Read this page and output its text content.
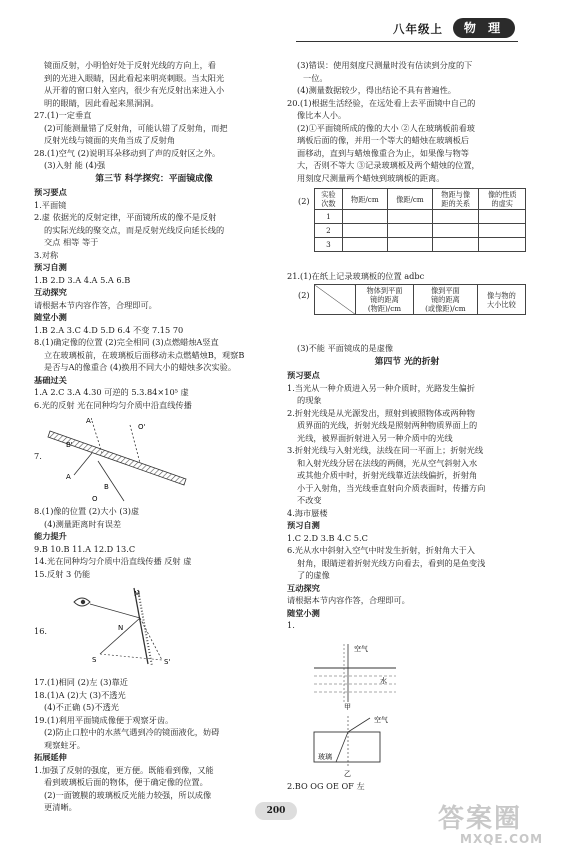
八年级上	物 理

镜面反射，小明恰好处于反射光线的方向上，看

到的光进入眼睛，因此看起来明亮刺眼。当太阳光

从开着的窗口射入室内，很少有光反射出来进入小

明的眼睛，因此看起来黑洞洞。

27.(1)一定垂直

(2)可能测量错了反射角，可能认错了反射角，而把

反射光线与镜面的夹角当成了反射角

28.(1)空气 (2)说明耳朵移动到了声的反射区之外。

(3)入射 能 (4)强

第三节 科学探究：平面镜成像

预习要点

1.平面镜

2.虚 依据光的反射定律，平面镜所成的像不是反射

的实际光线的聚交点，而是反射光线反向延长线的

交点 相等 等于

3.对称

预习自测

1.B 2.D 3.A 4.A 5.A 6.B

互动探究

请根据本节内容作答，合理即可。

随堂小测

1.B 2.A 3.C 4.D 5.D 6.4 不变 7.15 70

8.(1)确定像的位置 (2)完全相同 (3)点燃蜡烛A竖直

立在玻璃板前，在玻璃板后面移动未点燃蜡烛B，观察B

是否与A的像重合 (4)换用不同大小的蜡烛多次实验。

基础过关

1.A 2.C 3.A 4.30 可逆的 5.3.84×10⁵ 虚

6.光的反射 光在同种均匀介质中沿直线传播

7.
A'
B'
O'
A
B
O

8.(1)像的位置 (2)大小 (3)虚

(4)测量距离时有误差

能力提升

9.B 10.B 11.A 12.D 13.C

14.光在同种均匀介质中沿直线传播 反射 虚

15.反射 3 仍能

16.
M
N
S'
S

17.(1)相同 (2)左 (3)靠近

18.(1)A (2)大 (3)不透光

(4)不正确 (5)不透光

19.(1)利用平面镜成像便于观察牙齿。

(2)防止口腔中的水蒸气遇到冷的镜面液化，妨碍

观察蛀牙。

拓展延伸

1.加强了反射的强度，更方便。既能看到像，又能

看到玻璃板后面的物体，便于确定像的位置。

(2)一面镀膜的玻璃板反光能力较强，所以成像

更清晰。

(3)错误：使用刻度尺测量时没有估读到分度的下

一位。

(4)测量数据较少，得出结论不具有普遍性。

20.(1)根据生活经验，在远处看上去平面镜中自己的

像比本人小。

(2)①平面镜所成的像的大小 ②人在玻璃板前看玻

璃板后面的像，并用一个等大的蜡烛在玻璃板后

面移动，直到与蜡烛像重合为止，如果像与物等

大，否则不等大 ③记录玻璃板及两个蜡烛的位置，

用刻度尺测量两个蜡烛到玻璃板的距离。

(2)
实验
次数	物距/cm	像距/cm	物距与像
距的关系	像的性质
的虚实
1				
2				
3				

21.(1)在纸上记录玻璃板的位置 adbc

(2)
		物体到平面
镜的距离
(物距)/cm	像到平面
镜的距离
(或像距)/cm	像与物的
大小比较

(3)不能 平面镜成的是虚像

第四节 光的折射

预习要点

1.当光从一种介质进入另一种介质时，光路发生偏折

的现象

2.折射光线是从光源发出，照射到被照物体或两种物

质界面的光线，折射光线是照射两种物质界面上的

光线，被界面折射进入另一种介质中的光线

3.折射光线与入射光线，法线在同一平面上；折射光线

和入射光线分居在法线的两侧，光从空气斜射入水

或其他介质中时，折射光线靠近法线偏折，折射角

小于入射角，当光线垂直射向介质表面时，传播方向

不改变

4.海市蜃楼

预习自测

1.C 2.D 3.B 4.C 5.C

6.光从水中斜射入空气中时发生折射，折射角大于入

射角，眼睛逆着折射光线方向看去，看到的是鱼变浅

了的虚像

互动探究

请根据本节内容作答，合理即可。

随堂小测

1.

空气
水
甲
空气
玻璃
乙

2.BO OG OE OF 左

200	答案圈
MXQE.COM
